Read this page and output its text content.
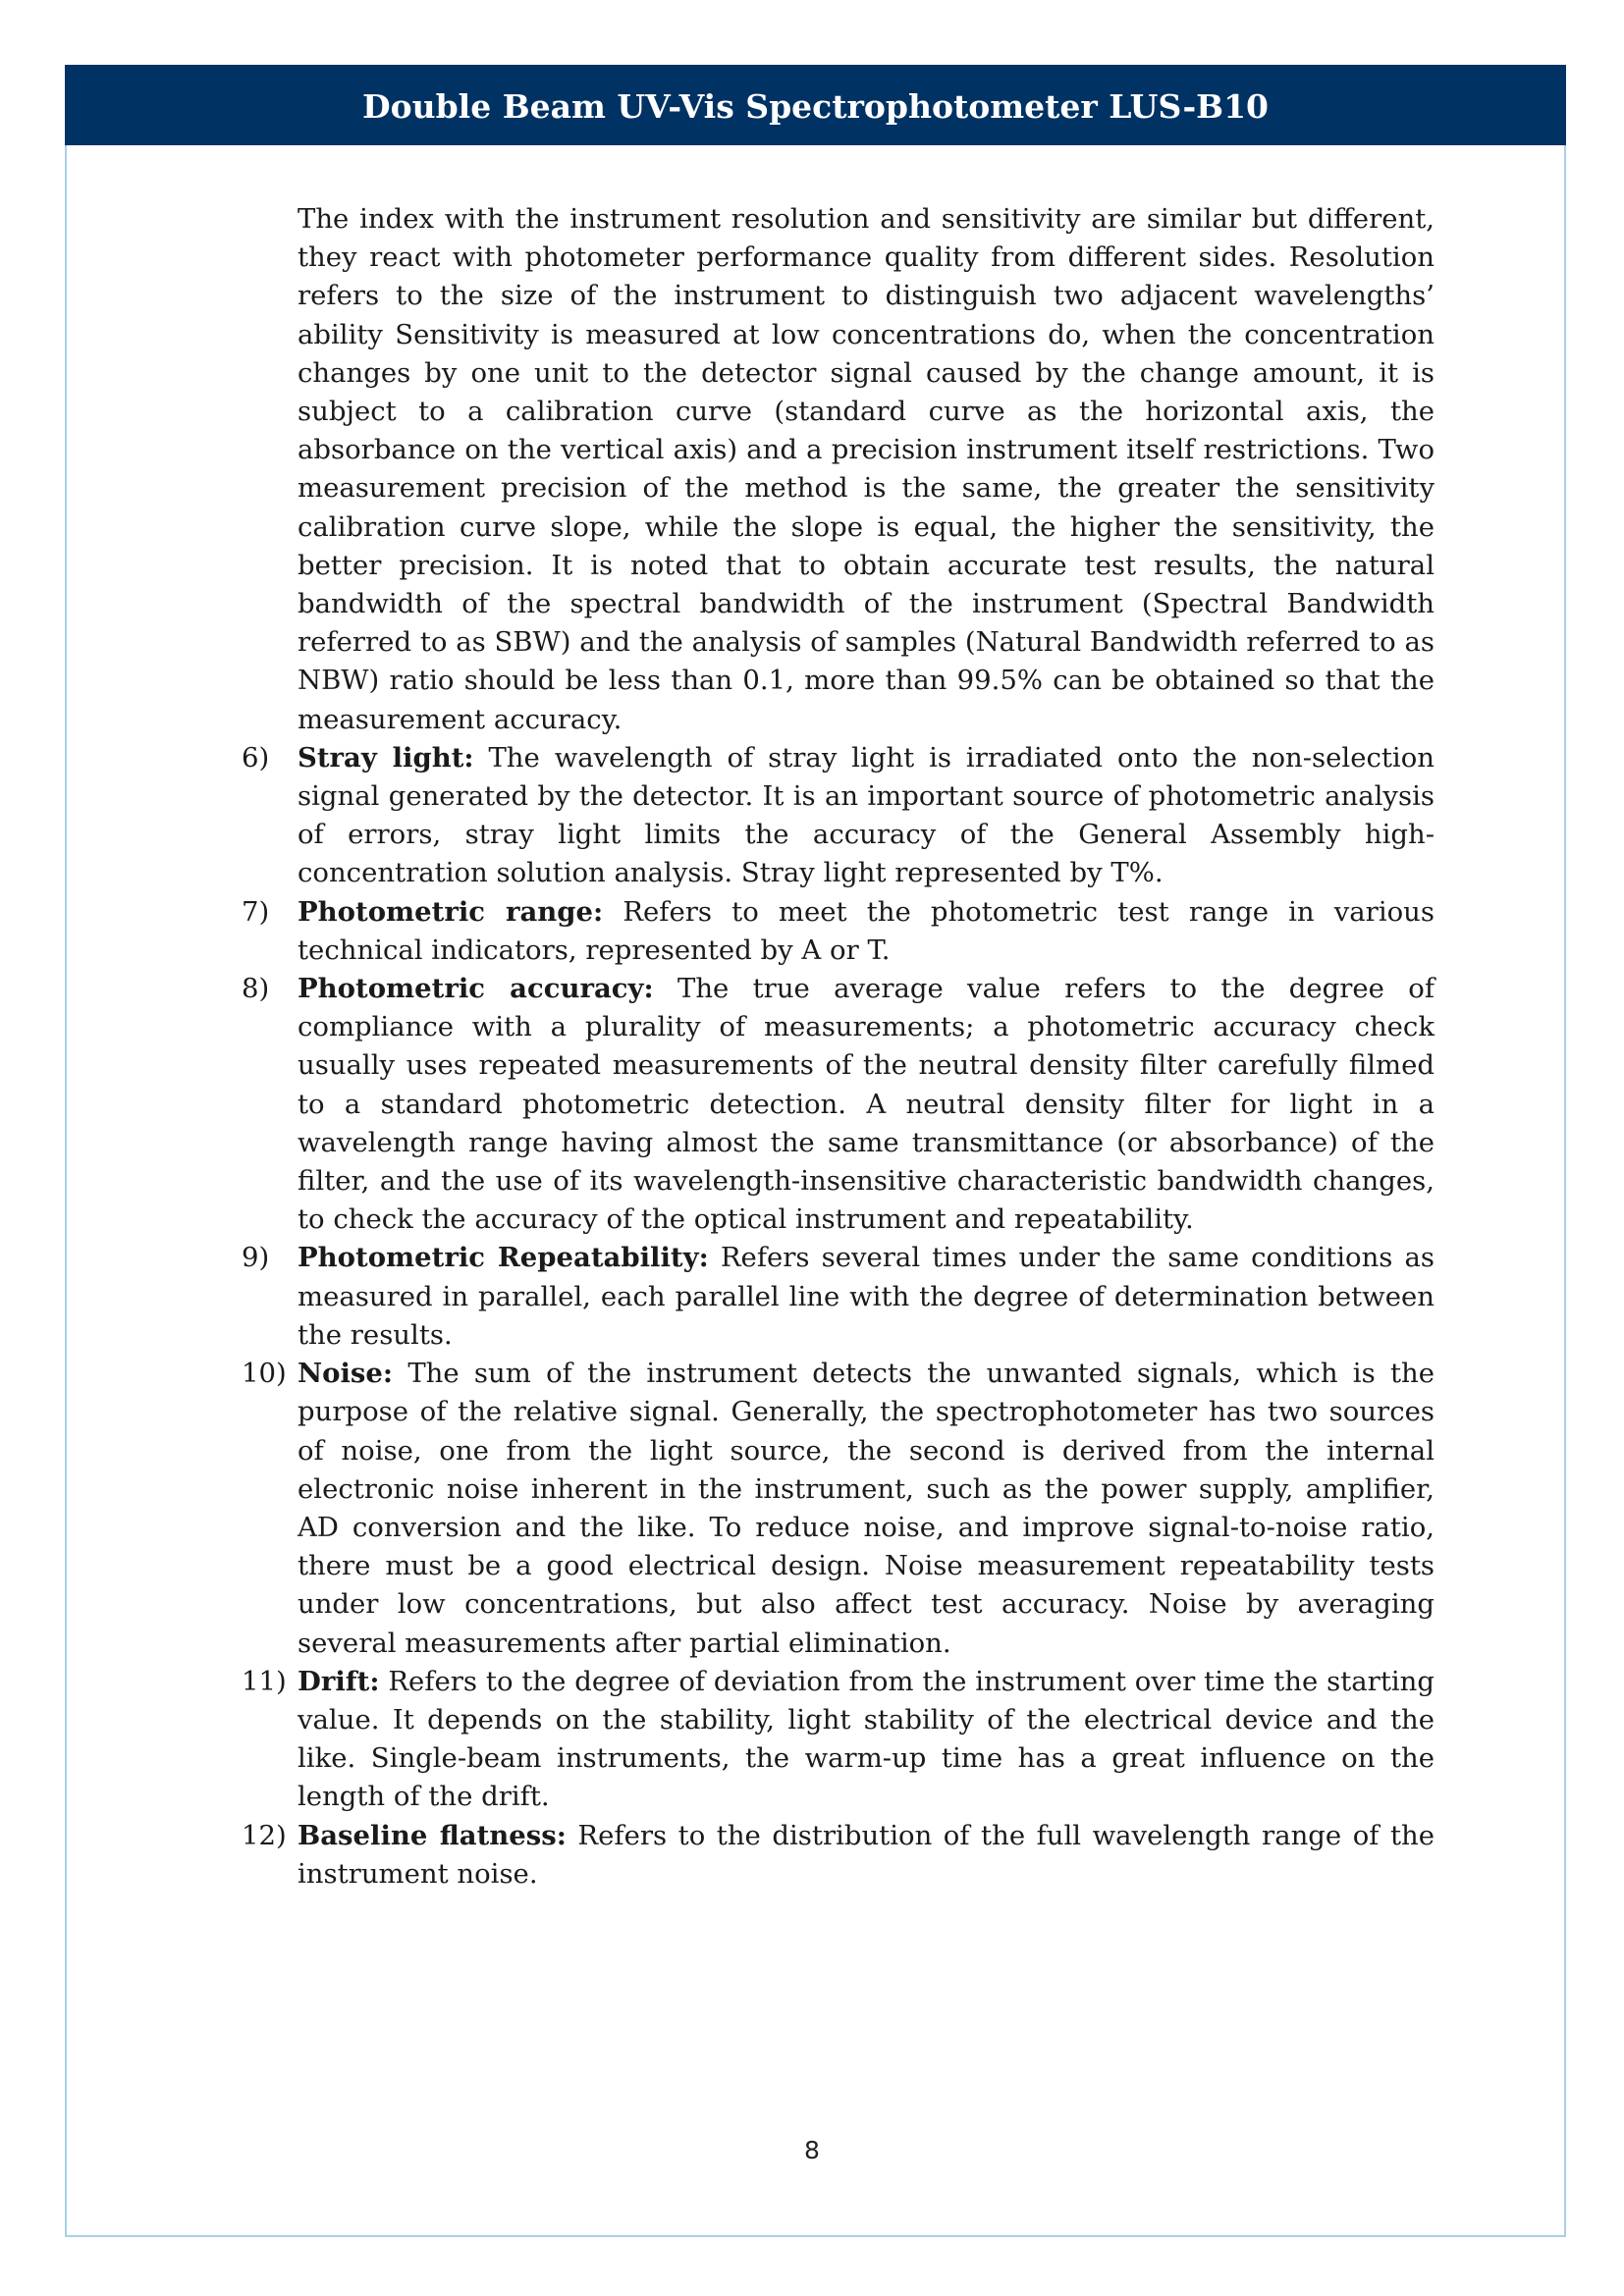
Double Beam UV-Vis Spectrophotometer LUS-B10

The index with the instrument resolution and sensitivity are similar but different, they react with photometer performance quality from different sides. Resolution refers to the size of the instrument to distinguish two adjacent wavelengths’ ability Sensitivity is measured at low concentrations do, when the concentration changes by one unit to the detector signal caused by the change amount, it is subject to a calibration curve (standard curve as the horizontal axis, the absorbance on the vertical axis) and a precision instrument itself restrictions. Two measurement precision of the method is the same, the greater the sensitivity calibration curve slope, while the slope is equal, the higher the sensitivity, the better precision. It is noted that to obtain accurate test results, the natural bandwidth of the spectral bandwidth of the instrument (Spectral Bandwidth referred to as SBW) and the analysis of samples (Natural Bandwidth referred to as NBW) ratio should be less than 0.1, more than 99.5% can be obtained so that the measurement accuracy.

6)	Stray light: The wavelength of stray light is irradiated onto the non-selection signal generated by the detector. It is an important source of photometric analysis of errors, stray light limits the accuracy of the General Assembly high-concentration solution analysis. Stray light represented by T%.
7)	Photometric range: Refers to meet the photometric test range in various technical indicators, represented by A or T.
8)	Photometric accuracy: The true average value refers to the degree of compliance with a plurality of measurements; a photometric accuracy check usually uses repeated measurements of the neutral density filter carefully filmed to a standard photometric detection. A neutral density filter for light in a wavelength range having almost the same transmittance (or absorbance) of the filter, and the use of its wavelength-insensitive characteristic bandwidth changes, to check the accuracy of the optical instrument and repeatability.
9)	Photometric Repeatability: Refers several times under the same conditions as measured in parallel, each parallel line with the degree of determination between the results.
10) Noise: The sum of the instrument detects the unwanted signals, which is the purpose of the relative signal. Generally, the spectrophotometer has two sources of noise, one from the light source, the second is derived from the internal electronic noise inherent in the instrument, such as the power supply, amplifier, AD conversion and the like. To reduce noise, and improve signal-to-noise ratio, there must be a good electrical design. Noise measurement repeatability tests under low concentrations, but also affect test accuracy. Noise by averaging several measurements after partial elimination.
11) Drift: Refers to the degree of deviation from the instrument over time the starting value. It depends on the stability, light stability of the electrical device and the like. Single-beam instruments, the warm-up time has a great influence on the length of the drift.
12) Baseline flatness: Refers to the distribution of the full wavelength range of the instrument noise.
8
